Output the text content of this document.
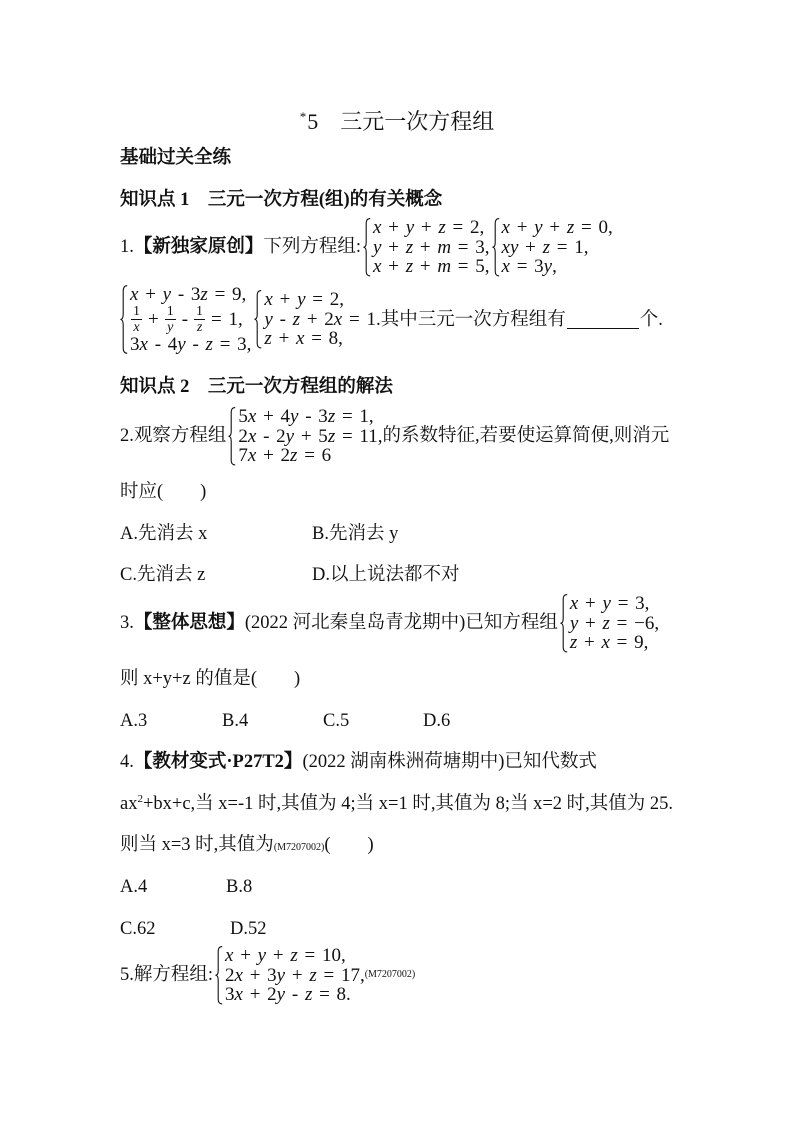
*5　三元一次方程组
基础过关全练
知识点 1　三元一次方程(组)的有关概念
1. 【新独家原创】 下列方程组:
x + y + z = 2,
y + z + m = 3,
x + z + m = 5,
x + y + z = 0,
xy + z = 1,
x = 3y,
x + y - 3z = 9,
$\frac{1}{x} + \frac{1}{y} - \frac{1}{z} = 1$,
3x - 4y - z = 3,
x + y = 2,
y - z + 2x = 1.
z + x = 8,
其中三元一次方程组有	个.
知识点 2　三元一次方程组的解法
2. 观察方程组
5x + 4y - 3z = 1,
2x - 2y + 5z = 11,
7x + 2z = 6
的系数特征,若要使运算简便,则消元
时应(　　)
A.先消去 x	B.先消去 y
C.先消去 z	D.以上说法都不对
3. 【整体思想】 (2022 河北秦皇岛青龙期中)已知方程组
x + y = 3,
y + z = −6,
z + x = 9,
则 x+y+z 的值是(　　)
A.3	B.4	C.5	D.6
4.【教材变式·P27T2】(2022 湖南株洲荷塘期中)已知代数式
$ax^2+bx+c$,当 x=-1 时,其值为 4;当 x=1 时,其值为 8;当 x=2 时,其值为 25.
则当 x=3 时,其值为(M7207002)(　　)
A.4	B.8
C.62	D.52
5. 解方程组:
x + y + z = 10,
2x + 3y + z = 17,
3x + 2y - z = 8.
(M7207002)
